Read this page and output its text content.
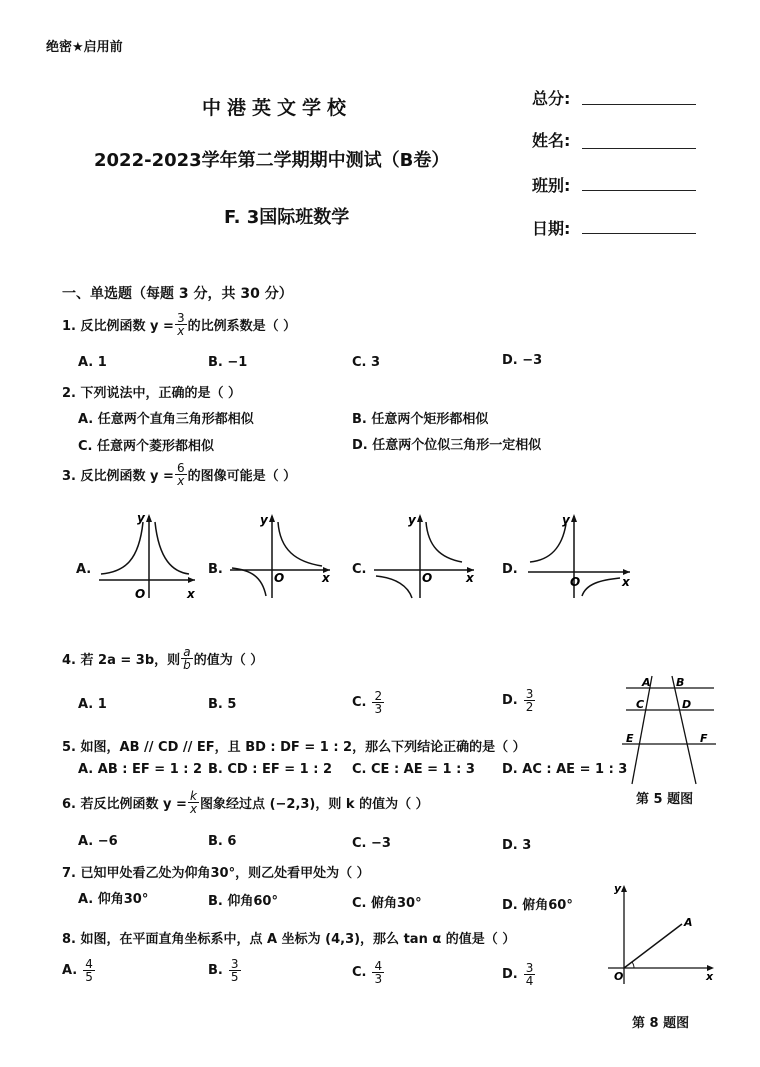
绝密★启用前
中港英文学校
2022-2023学年第二学期期中测试（B卷）
F. 3国际班数学
总分:
姓名:
班别:
日期:
一、单选题（每题 3 分，共 30 分）
1. 反比例函数 $y = \frac{3}{x}$ 的比例系数是（ ）
A. 1	B. −1	C. 3	D. −3
2. 下列说法中，正确的是（ ）
A. 任意两个直角三角形都相似	B. 任意两个矩形都相似
C. 任意两个菱形都相似	D. 任意两个位似三角形一定相似
3. 反比例函数 $y = \frac{6}{x}$ 的图像可能是（ ）
A.
y
x
O
B.
y
x
O
C.
y
x
O
D.
y
x
O
4. 若 2a = 3b，则 $\frac{a}{b}$ 的值为（ ）
A. 1	B. 5	C. $\frac{2}{3}$	D. $\frac{3}{2}$
A B
C	D
E	F
第 5 题图
5. 如图，AB // CD // EF，且 BD : DF = 1 : 2，那么下列结论正确的是（ ）
A. AB : EF = 1 : 2 B. CD : EF = 1 : 2 C. CE : AE = 1 : 3 D. AC : AE = 1 : 3
6. 若反比例函数 $y = \frac{k}{x}$ 图象经过点 (−2,3)，则 k 的值为（ ）
A. −6	B. 6	C. −3	D. 3
7. 已知甲处看乙处为仰角30°，则乙处看甲处为（ ）
A. 仰角30°	B. 仰角60°	C. 俯角30°	D. 俯角60°
8. 如图，在平面直角坐标系中，点 A 坐标为 (4,3)，那么 tan α 的值是（ ）
A. $\frac{4}{5}$	B. $\frac{3}{5}$	C. $\frac{4}{3}$	D. $\frac{3}{4}$
y
x
O
A
第 8 题图
